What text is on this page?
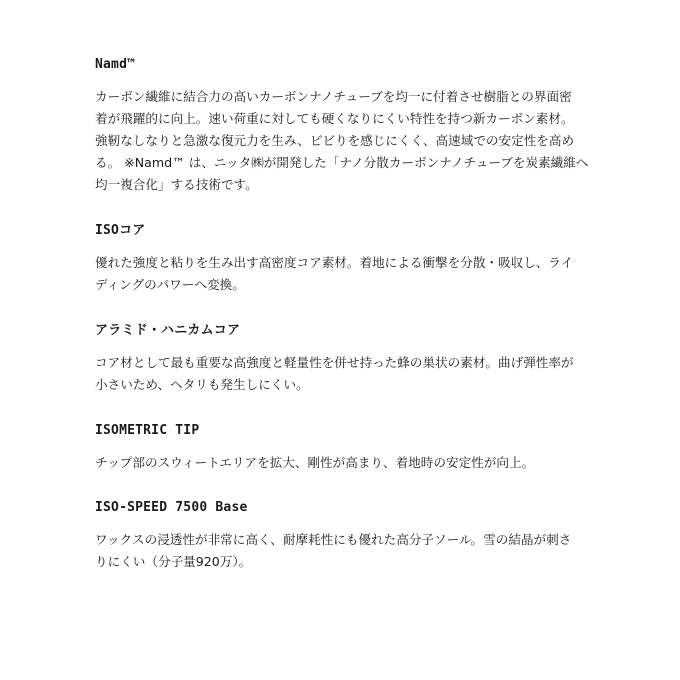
Namd™

カーボン繊維に結合力の高いカーボンナノチューブを均一に付着させ樹脂との界面密
着が飛躍的に向上。速い荷重に対しても硬くなりにくい特性を持つ新カーボン素材。
強靭なしなりと急激な復元力を生み、ビビりを感じにくく、高速域での安定性を高め
る。 ※Namd™ は、ニッタ㈱が開発した「ナノ分散カーボンナノチューブを炭素繊維へ
均一複合化」する技術です。

ISOコア

優れた強度と粘りを生み出す高密度コア素材。着地による衝撃を分散・吸収し、ライ
ディングのパワーへ変換。

アラミド・ハニカムコア

コア材として最も重要な高強度と軽量性を併せ持った蜂の巣状の素材。曲げ弾性率が
小さいため、ヘタリも発生しにくい。

ISOMETRIC TIP

チップ部のスウィートエリアを拡大、剛性が高まり、着地時の安定性が向上。

ISO-SPEED 7500 Base

ワックスの浸透性が非常に高く、耐摩耗性にも優れた高分子ソール。雪の結晶が刺さ
りにくい（分子量920万）。
